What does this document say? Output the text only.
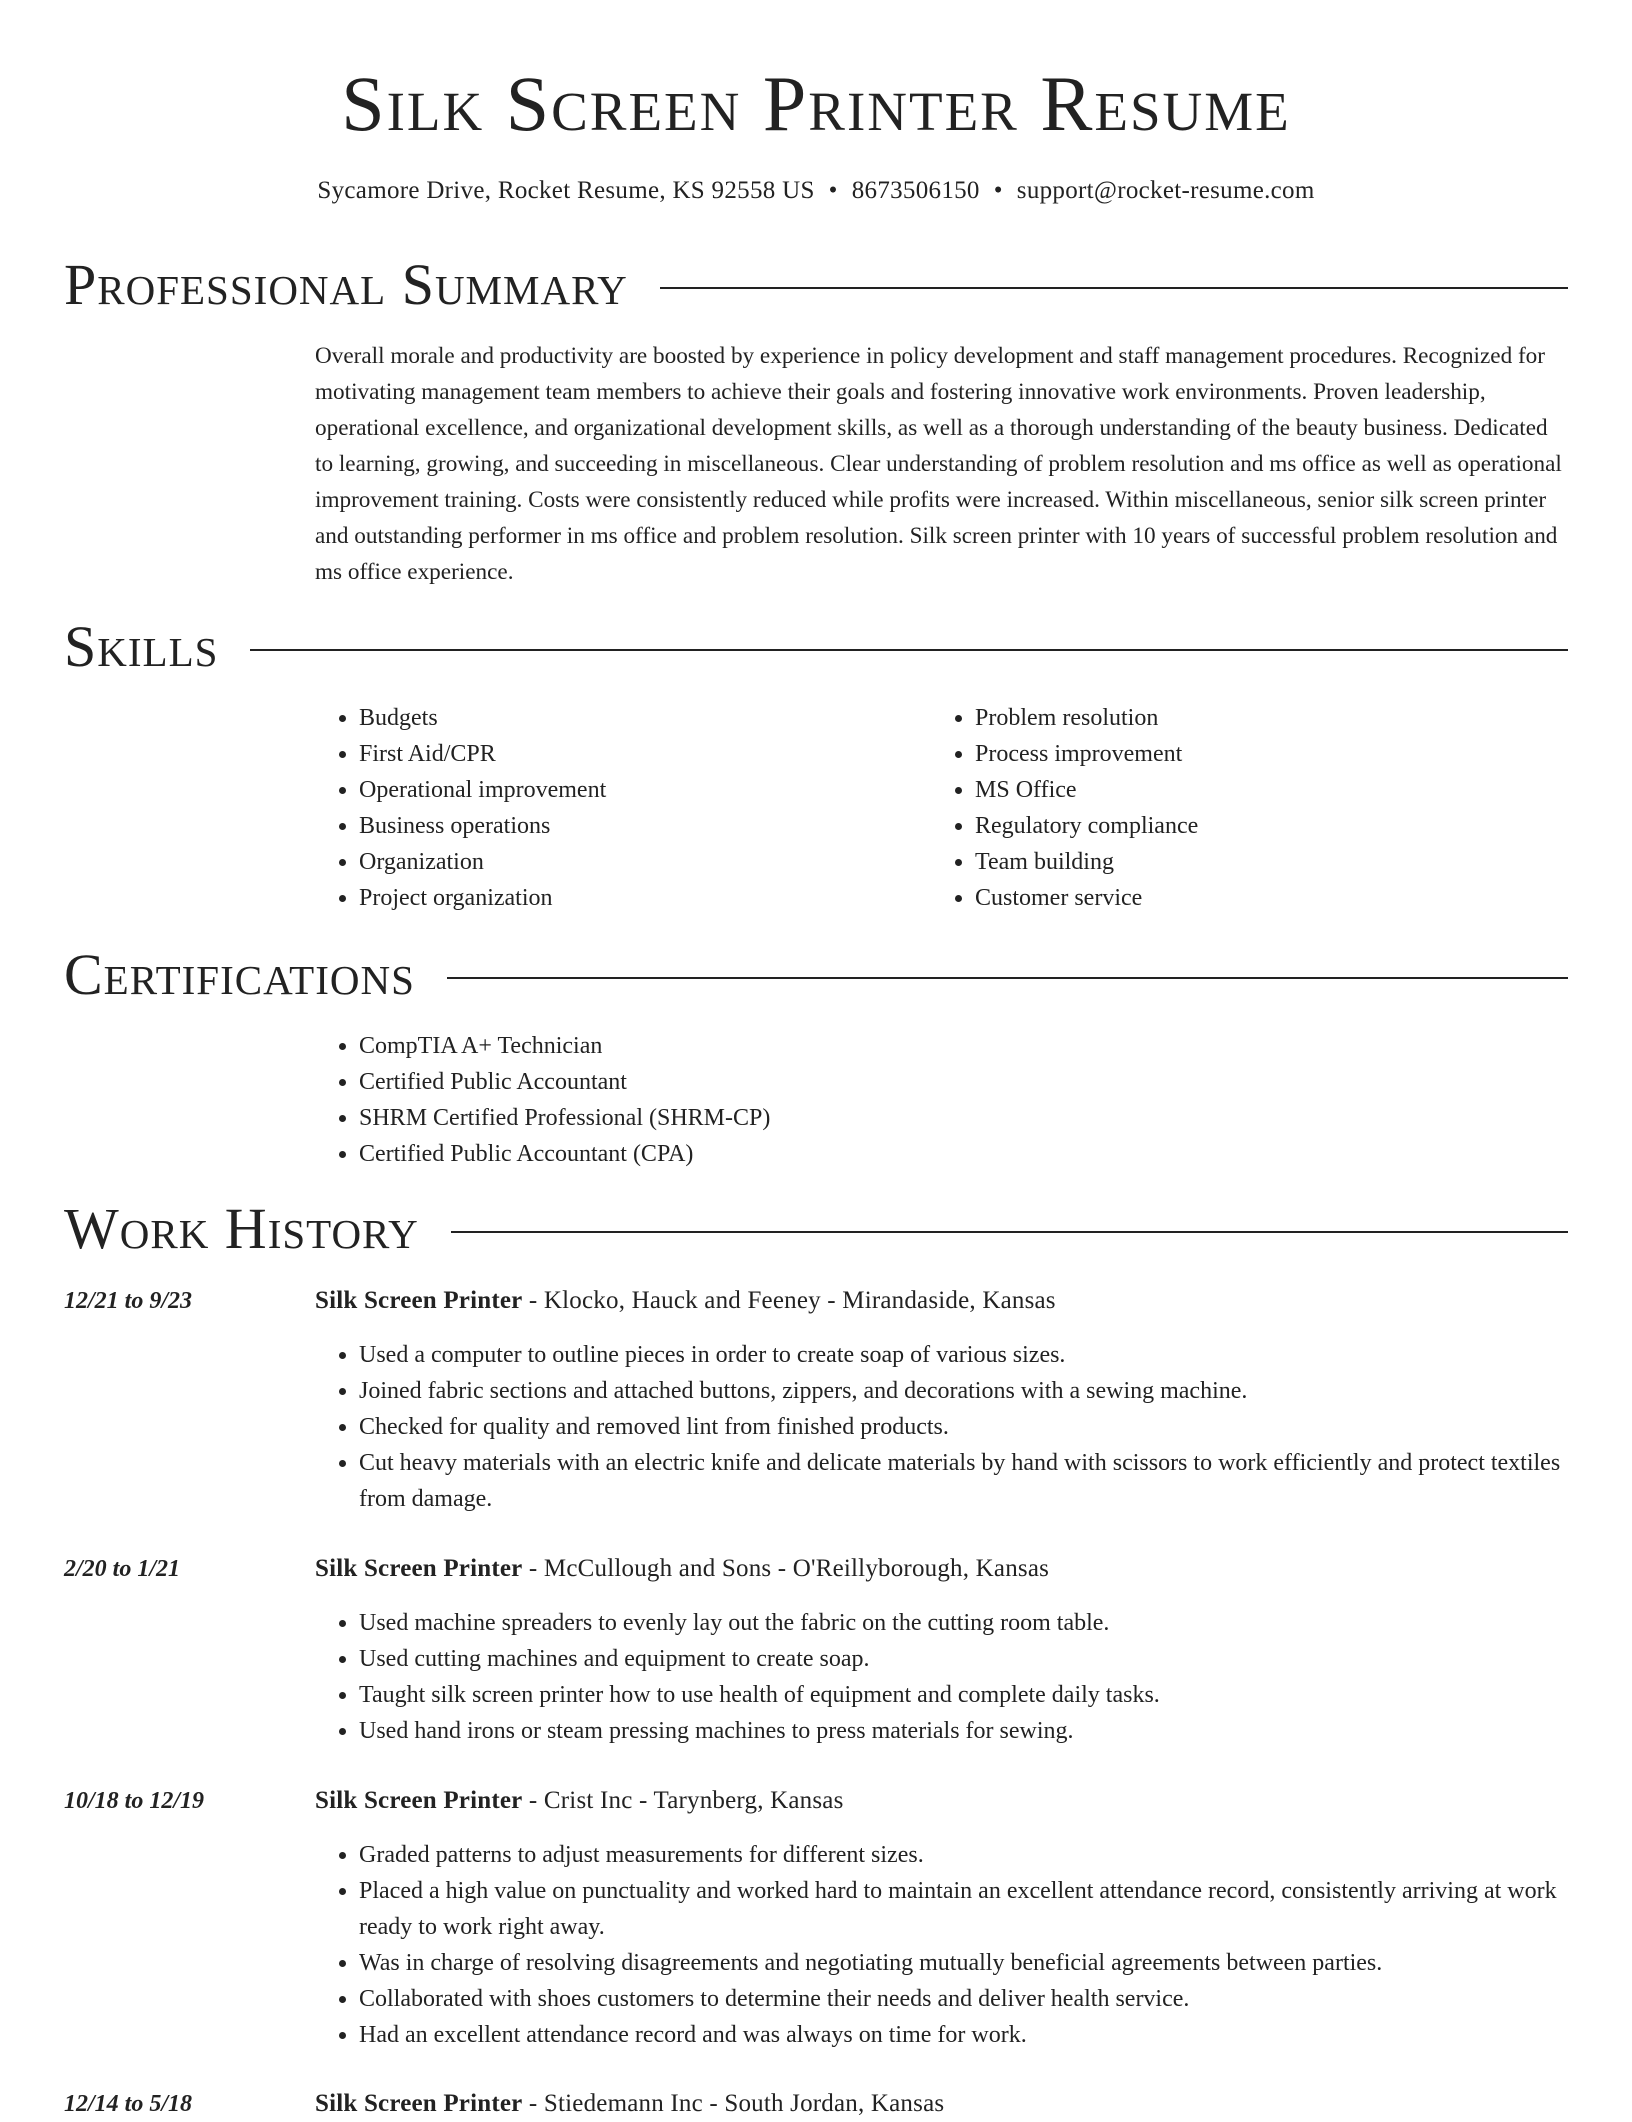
Silk Screen Printer Resume
Sycamore Drive, Rocket Resume, KS 92558 US • 8673506150 • support@rocket-resume.com
Professional Summary

Overall morale and productivity are boosted by experience in policy development and staff management procedures. Recognized for motivating management team members to achieve their goals and fostering innovative work environments. Proven leadership, operational excellence, and organizational development skills, as well as a thorough understanding of the beauty business. Dedicated to learning, growing, and succeeding in miscellaneous. Clear understanding of problem resolution and ms office as well as operational improvement training. Costs were consistently reduced while profits were increased. Within miscellaneous, senior silk screen printer and outstanding performer in ms office and problem resolution. Silk screen printer with 10 years of successful problem resolution and ms office experience.

Skills
• Budgets
• First Aid/CPR
• Operational improvement
• Business operations
• Organization
• Project organization
• Problem resolution
• Process improvement
• MS Office
• Regulatory compliance
• Team building
• Customer service
Certifications
• CompTIA A+ Technician
• Certified Public Accountant
• SHRM Certified Professional (SHRM-CP)
• Certified Public Accountant (CPA)
Work History
12/21 to 9/23	Silk Screen Printer - Klocko, Hauck and Feeney - Mirandaside, Kansas
• Used a computer to outline pieces in order to create soap of various sizes.
• Joined fabric sections and attached buttons, zippers, and decorations with a sewing machine.
• Checked for quality and removed lint from finished products.
• Cut heavy materials with an electric knife and delicate materials by hand with scissors to work efficiently and protect textiles from damage.
2/20 to 1/21	Silk Screen Printer - McCullough and Sons - O'Reillyborough, Kansas
• Used machine spreaders to evenly lay out the fabric on the cutting room table.
• Used cutting machines and equipment to create soap.
• Taught silk screen printer how to use health of equipment and complete daily tasks.
• Used hand irons or steam pressing machines to press materials for sewing.
10/18 to 12/19	Silk Screen Printer - Crist Inc - Tarynberg, Kansas
• Graded patterns to adjust measurements for different sizes.
• Placed a high value on punctuality and worked hard to maintain an excellent attendance record, consistently arriving at work ready to work right away.
• Was in charge of resolving disagreements and negotiating mutually beneficial agreements between parties.
• Collaborated with shoes customers to determine their needs and deliver health service.
• Had an excellent attendance record and was always on time for work.
12/14 to 5/18	Silk Screen Printer - Stiedemann Inc - South Jordan, Kansas
